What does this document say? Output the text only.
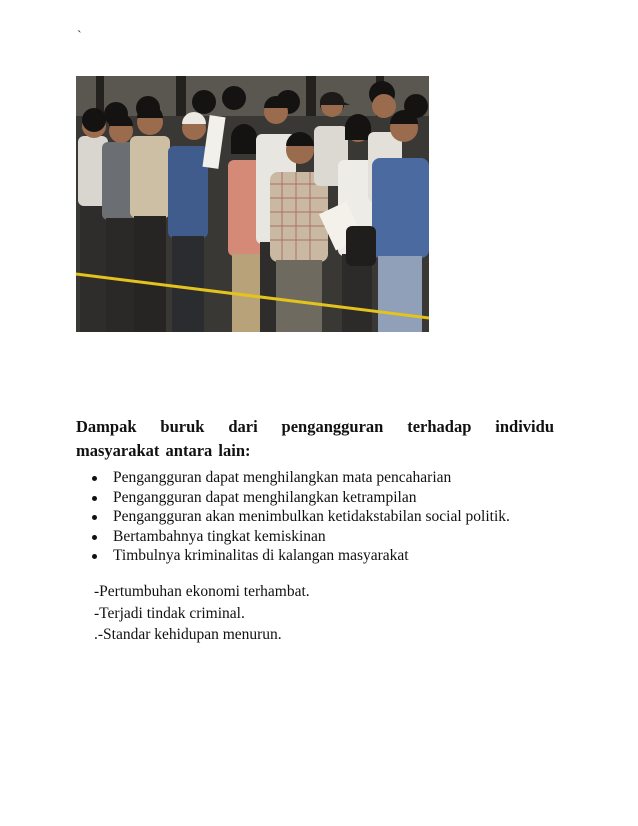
`
Dampak buruk dari pengangguran terhadap individu masyarakat antara lain:
Pengangguran dapat menghilangkan mata pencaharian
Pengangguran dapat menghilangkan ketrampilan
Pengangguran akan menimbulkan ketidakstabilan social politik.
Bertambahnya tingkat kemiskinan
Timbulnya kriminalitas di kalangan masyarakat
-Pertumbuhan ekonomi terhambat.
-Terjadi tindak criminal.
.-Standar kehidupan menurun.
